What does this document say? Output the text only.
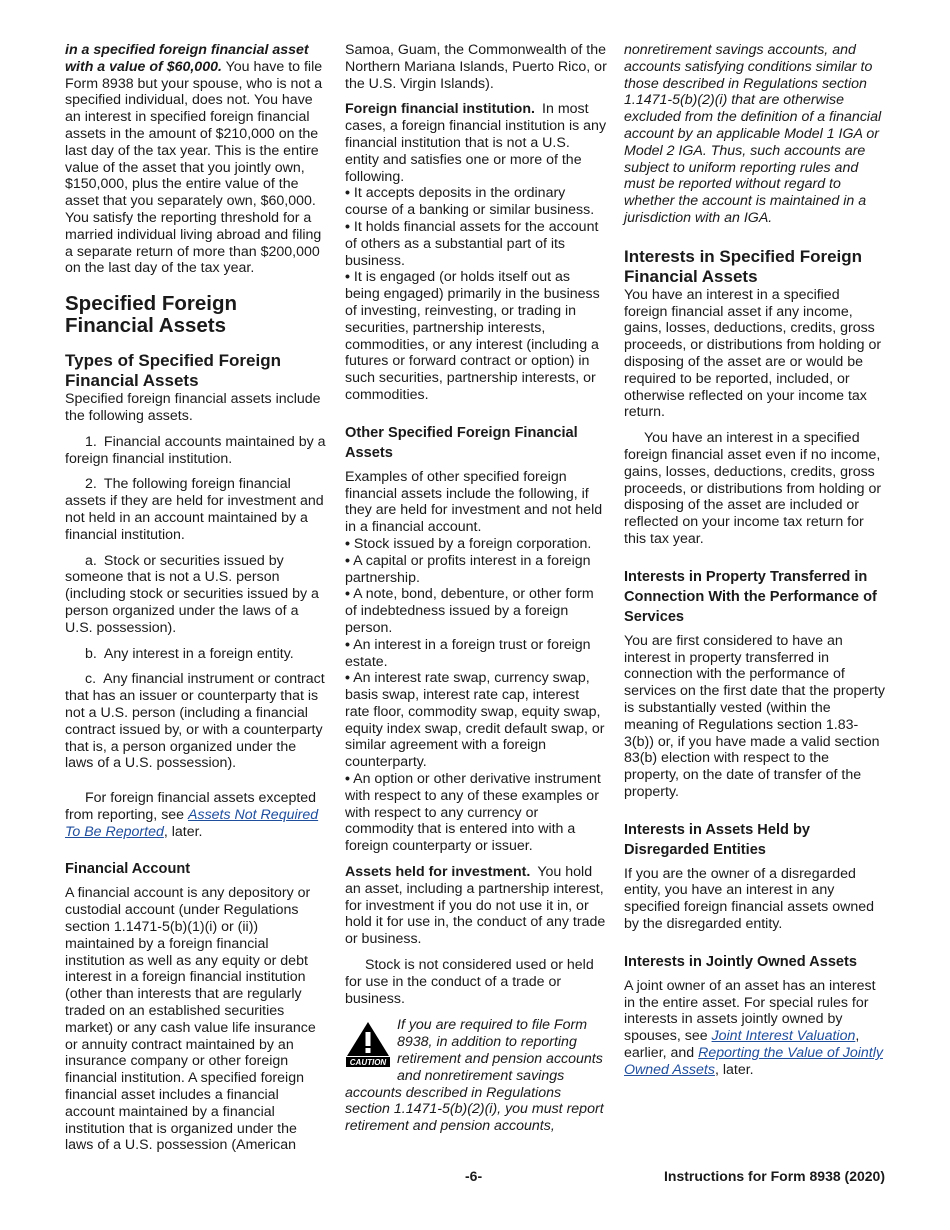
in a specified foreign financial asset with a value of $60,000. You have to file Form 8938 but your spouse, who is not a specified individual, does not. You have an interest in specified foreign financial assets in the amount of $210,000 on the last day of the tax year. This is the entire value of the asset that you jointly own, $150,000, plus the entire value of the asset that you separately own, $60,000. You satisfy the reporting threshold for a married individual living abroad and filing a separate return of more than $200,000 on the last day of the tax year.

Specified Foreign Financial Assets
Types of Specified Foreign Financial Assets

Specified foreign financial assets include the following assets.

1. Financial accounts maintained by a foreign financial institution.

2. The following foreign financial assets if they are held for investment and not held in an account maintained by a financial institution.

a. Stock or securities issued by someone that is not a U.S. person (including stock or securities issued by a person organized under the laws of a U.S. possession).

b. Any interest in a foreign entity.

c. Any financial instrument or contract that has an issuer or counterparty that is not a U.S. person (including a financial contract issued by, or with a counterparty that is, a person organized under the laws of a U.S. possession).

For foreign financial assets excepted from reporting, see Assets Not Required To Be Reported, later.

Financial Account

A financial account is any depository or custodial account (under Regulations section 1.1471-5(b)(1)(i) or (ii)) maintained by a foreign financial institution as well as any equity or debt interest in a foreign financial institution (other than interests that are regularly traded on an established securities market) or any cash value life insurance or annuity contract maintained by an insurance company or other foreign financial institution. A specified foreign financial asset includes a financial account maintained by a financial institution that is organized under the laws of a U.S. possession (American

Samoa, Guam, the Commonwealth of the Northern Mariana Islands, Puerto Rico, or the U.S. Virgin Islands).

Foreign financial institution. In most cases, a foreign financial institution is any financial institution that is not a U.S. entity and satisfies one or more of the following.

• It accepts deposits in the ordinary course of a banking or similar business.

• It holds financial assets for the account of others as a substantial part of its business.

• It is engaged (or holds itself out as being engaged) primarily in the business of investing, reinvesting, or trading in securities, partnership interests, commodities, or any interest (including a futures or forward contract or option) in such securities, partnership interests, or commodities.

Other Specified Foreign Financial Assets

Examples of other specified foreign financial assets include the following, if they are held for investment and not held in a financial account.

• Stock issued by a foreign corporation.

• A capital or profits interest in a foreign partnership.

• A note, bond, debenture, or other form of indebtedness issued by a foreign person.

• An interest in a foreign trust or foreign estate.

• An interest rate swap, currency swap, basis swap, interest rate cap, interest rate floor, commodity swap, equity swap, equity index swap, credit default swap, or similar agreement with a foreign counterparty.

• An option or other derivative instrument with respect to any of these examples or with respect to any currency or commodity that is entered into with a foreign counterparty or issuer.

Assets held for investment. You hold an asset, including a partnership interest, for investment if you do not use it in, or hold it for use in, the conduct of any trade or business.

Stock is not considered used or held for use in the conduct of a trade or business.

CAUTION
If you are required to file Form 8938, in addition to reporting retirement and pension accounts and nonretirement savings accounts described in Regulations section 1.1471-5(b)(2)(i), you must report retirement and pension accounts,

nonretirement savings accounts, and accounts satisfying conditions similar to those described in Regulations section 1.1471-5(b)(2)(i) that are otherwise excluded from the definition of a financial account by an applicable Model 1 IGA or Model 2 IGA. Thus, such accounts are subject to uniform reporting rules and must be reported without regard to whether the account is maintained in a jurisdiction with an IGA.

Interests in Specified Foreign Financial Assets

You have an interest in a specified foreign financial asset if any income, gains, losses, deductions, credits, gross proceeds, or distributions from holding or disposing of the asset are or would be required to be reported, included, or otherwise reflected on your income tax return.

You have an interest in a specified foreign financial asset even if no income, gains, losses, deductions, credits, gross proceeds, or distributions from holding or disposing of the asset are included or reflected on your income tax return for this tax year.

Interests in Property Transferred in Connection With the Performance of Services

You are first considered to have an interest in property transferred in connection with the performance of services on the first date that the property is substantially vested (within the meaning of Regulations section 1.83-3(b)) or, if you have made a valid section 83(b) election with respect to the property, on the date of transfer of the property.

Interests in Assets Held by Disregarded Entities

If you are the owner of a disregarded entity, you have an interest in any specified foreign financial assets owned by the disregarded entity.

Interests in Jointly Owned Assets

A joint owner of an asset has an interest in the entire asset. For special rules for interests in assets jointly owned by spouses, see Joint Interest Valuation, earlier, and Reporting the Value of Jointly Owned Assets, later.

-6-	Instructions for Form 8938 (2020)
